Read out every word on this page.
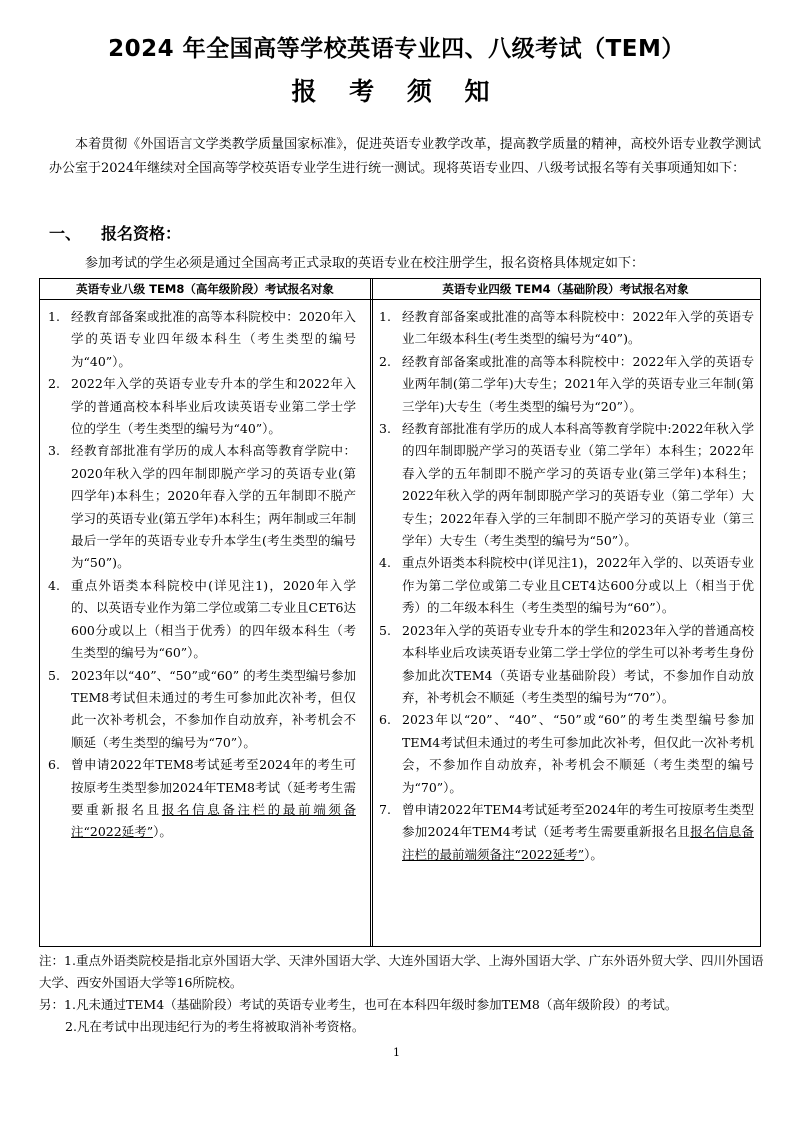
2024 年全国高等学校英语专业四、八级考试（TEM）
报 考 须 知
本着贯彻《外国语言文学类教学质量国家标准》，促进英语专业教学改革，提高教学质量的精神，高校外语专业教学测试办公室于2024年继续对全国高等学校英语专业学生进行统一测试。现将英语专业四、八级考试报名等有关事项通知如下：
一、 报名资格：
参加考试的学生必须是通过全国高考正式录取的英语专业在校注册学生，报名资格具体规定如下：
英语专业八级 TEM8（高年级阶段）考试报名对象
1. 经教育部备案或批准的高等本科院校中：2020年入学的英语专业四年级本科生（考生类型的编号为“40”）。
2. 2022年入学的英语专业专升本的学生和2022年入学的普通高校本科毕业后攻读英语专业第二学士学位的学生（考生类型的编号为“40”）。
3. 经教育部批准有学历的成人本科高等教育学院中：2020年秋入学的四年制即脱产学习的英语专业(第四学年)本科生；2020年春入学的五年制即不脱产学习的英语专业(第五学年)本科生；两年制或三年制最后一学年的英语专业专升本学生(考生类型的编号为“50”)。
4. 重点外语类本科院校中(详见注1)，2020年入学的、以英语专业作为第二学位或第二专业且CET6达600分或以上（相当于优秀）的四年级本科生（考生类型的编号为“60”）。
5. 2023年以“40”、“50”或“60” 的考生类型编号参加TEM8考试但未通过的考生可参加此次补考，但仅此一次补考机会，不参加作自动放弃，补考机会不顺延（考生类型的编号为“70”）。
6. 曾申请2022年TEM8考试延考至2024年的考生可按原考生类型参加2024年TEM8考试（延考考生需要重新报名且报名信息备注栏的最前端须备注“2022延考”）。
英语专业四级 TEM4（基础阶段）考试报名对象
1. 经教育部备案或批准的高等本科院校中：2022年入学的英语专业二年级本科生(考生类型的编号为“40”)。
2. 经教育部备案或批准的高等本科院校中：2022年入学的英语专业两年制(第二学年)大专生；2021年入学的英语专业三年制(第三学年)大专生（考生类型的编号为“20”）。
3. 经教育部批准有学历的成人本科高等教育学院中:2022年秋入学的四年制即脱产学习的英语专业（第二学年）本科生；2022年春入学的五年制即不脱产学习的英语专业(第三学年)本科生；2022年秋入学的两年制即脱产学习的英语专业（第二学年）大专生；2022年春入学的三年制即不脱产学习的英语专业（第三学年）大专生（考生类型的编号为“50”）。
4. 重点外语类本科院校中(详见注1)，2022年入学的、以英语专业作为第二学位或第二专业且CET4达600分或以上（相当于优秀）的二年级本科生（考生类型的编号为“60”）。
5. 2023年入学的英语专业专升本的学生和2023年入学的普通高校本科毕业后攻读英语专业第二学士学位的学生可以补考考生身份参加此次TEM4（英语专业基础阶段）考试，不参加作自动放弃，补考机会不顺延（考生类型的编号为“70”）。
6. 2023年以“20”、“40”、“50”或“60”的考生类型编号参加TEM4考试但未通过的考生可参加此次补考，但仅此一次补考机会，不参加作自动放弃，补考机会不顺延（考生类型的编号为“70”）。
7. 曾申请2022年TEM4考试延考至2024年的考生可按原考生类型参加2024年TEM4考试（延考考生需要重新报名且报名信息备注栏的最前端须备注“2022延考”）。
注：1.重点外语类院校是指北京外国语大学、天津外国语大学、大连外国语大学、上海外国语大学、广东外语外贸大学、四川外国语大学、西安外国语大学等16所院校。
另：1.凡未通过TEM4（基础阶段）考试的英语专业考生，也可在本科四年级时参加TEM8（高年级阶段）的考试。
2.凡在考试中出现违纪行为的考生将被取消补考资格。
1
